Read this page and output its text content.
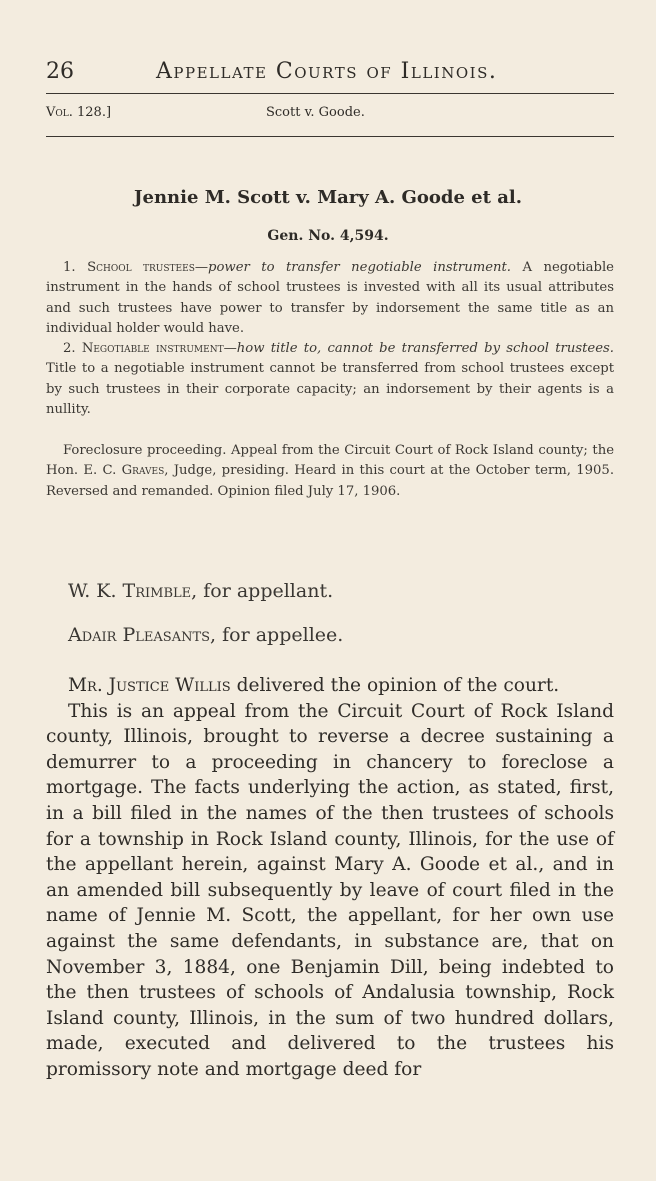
26	Appellate Courts of Illinois.
Vol. 128.]	Scott v. Goode.
Jennie M. Scott v. Mary A. Goode et al.
Gen. No. 4,594.

1. School trustees—power to transfer negotiable instrument. A negotiable instrument in the hands of school trustees is invested with all its usual attributes and such trustees have power to transfer by indorsement the same title as an individual holder would have.

2. Negotiable instrument—how title to, cannot be transferred by school trustees. Title to a negotiable instrument cannot be transferred from school trustees except by such trustees in their corporate capacity; an indorsement by their agents is a nullity.

Foreclosure proceeding. Appeal from the Circuit Court of Rock Island county; the Hon. E. C. Graves, Judge, presiding. Heard in this court at the October term, 1905. Reversed and remanded. Opinion filed July 17, 1906.

W. K. Trimble, for appellant.
Adair Pleasants, for appellee.

Mr. Justice Willis delivered the opinion of the court.

This is an appeal from the Circuit Court of Rock Island county, Illinois, brought to reverse a decree sustaining a demurrer to a proceeding in chancery to foreclose a mortgage. The facts underlying the action, as stated, first, in a bill filed in the names of the then trustees of schools for a township in Rock Island county, Illinois, for the use of the appellant herein, against Mary A. Goode et al., and in an amended bill subsequently by leave of court filed in the name of Jennie M. Scott, the appellant, for her own use against the same defendants, in substance are, that on November 3, 1884, one Benjamin Dill, being indebted to the then trustees of schools of Andalusia township, Rock Island county, Illinois, in the sum of two hundred dollars, made, executed and delivered to the trustees his promissory note and mortgage deed for
